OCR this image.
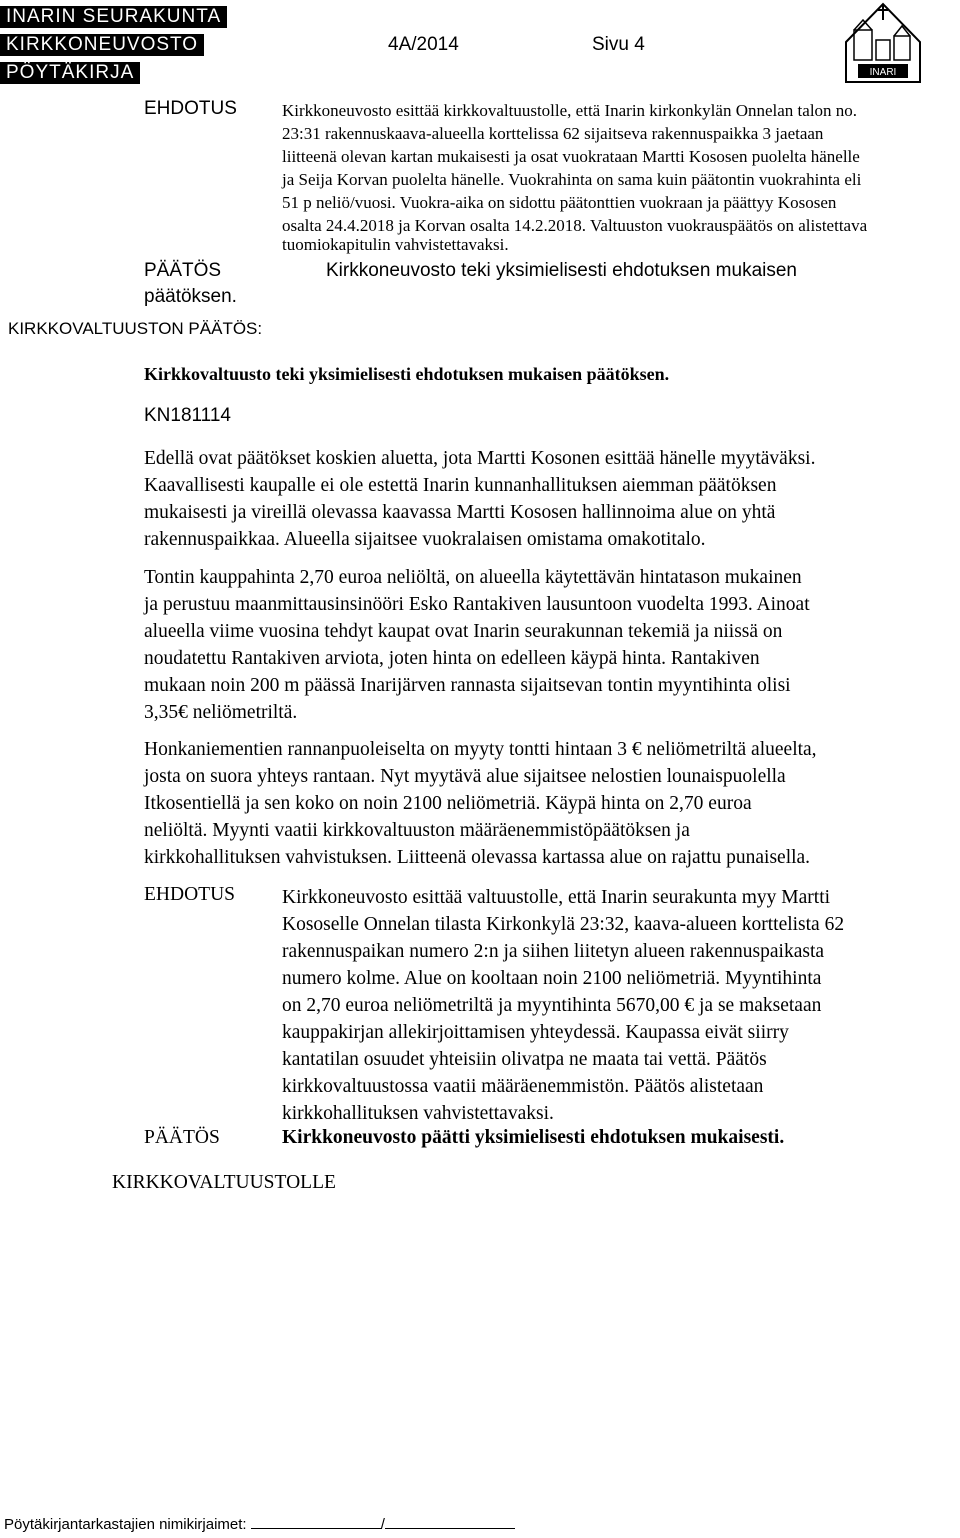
INARIN SEURAKUNTA
KIRKKONEUVOSTO	4A/2014	Sivu 4
PÖYTÄKIRJA	INARI
EHDOTUS	Kirkkoneuvosto esittää kirkkovaltuustolle, että Inarin kirkonkylän Onnelan talon no.
23:31 rakennuskaava-alueella korttelissa 62 sijaitseva rakennuspaikka 3 jaetaan
liitteenä olevan kartan mukaisesti ja osat vuokrataan Martti Kososen puolelta hänelle
ja Seija Korvan puolelta hänelle. Vuokrahinta on sama kuin päätontin vuokrahinta eli
51 p neliö/vuosi. Vuokra-aika on sidottu päätonttien vuokraan ja päättyy Kososen
osalta 24.4.2018 ja Korvan osalta 14.2.2018. Valtuuston vuokrauspäätös on alistettava
tuomiokapitulin vahvistettavaksi.
PÄÄTÖS	Kirkkoneuvosto teki yksimielisesti ehdotuksen mukaisen
päätöksen.
KIRKKOVALTUUSTON PÄÄTÖS:
Kirkkovaltuusto teki yksimielisesti ehdotuksen mukaisen päätöksen.
KN181114
Edellä ovat päätökset koskien aluetta, jota Martti Kosonen esittää hänelle myytäväksi.
Kaavallisesti kaupalle ei ole estettä Inarin kunnanhallituksen aiemman päätöksen
mukaisesti ja vireillä olevassa kaavassa Martti Kososen hallinnoima alue on yhtä
rakennuspaikkaa. Alueella sijaitsee vuokralaisen omistama omakotitalo.
Tontin kauppahinta 2,70 euroa neliöltä, on alueella käytettävän hintatason mukainen
ja perustuu maanmittausinsinööri Esko Rantakiven lausuntoon vuodelta 1993. Ainoat
alueella viime vuosina tehdyt kaupat ovat Inarin seurakunnan tekemiä ja niissä on
noudatettu Rantakiven arviota, joten hinta on edelleen käypä hinta. Rantakiven
mukaan noin 200 m päässä Inarijärven rannasta sijaitsevan tontin myyntihinta olisi
3,35€ neliömetriltä.
Honkaniementien rannanpuoleiselta on myyty tontti hintaan 3 € neliömetriltä alueelta,
josta on suora yhteys rantaan. Nyt myytävä alue sijaitsee nelostien lounaispuolella
Itkosentiellä ja sen koko on noin 2100 neliömetriä. Käypä hinta on 2,70 euroa
neliöltä. Myynti vaatii kirkkovaltuuston määräenemmistöpäätöksen ja
kirkkohallituksen vahvistuksen. Liitteenä olevassa kartassa alue on rajattu punaisella.
EHDOTUS Kirkkoneuvosto esittää valtuustolle, että Inarin seurakunta myy Martti
Kososelle Onnelan tilasta Kirkonkylä 23:32, kaava-alueen korttelista 62
rakennuspaikan numero 2:n ja siihen liitetyn alueen rakennuspaikasta
numero kolme. Alue on kooltaan noin 2100 neliömetriä. Myyntihinta
on 2,70 euroa neliömetriltä ja myyntihinta 5670,00 € ja se maksetaan
kauppakirjan allekirjoittamisen yhteydessä. Kaupassa eivät siirry
kantatilan osuudet yhteisiin olivatpa ne maata tai vettä. Päätös
kirkkovaltuustossa vaatii määräenemmistön. Päätös alistetaan
kirkkohallituksen vahvistettavaksi.
PÄÄTÖS	Kirkkoneuvosto päätti yksimielisesti ehdotuksen mukaisesti.
KIRKKOVALTUUSTOLLE
Pöytäkirjantarkastajien nimikirjaimet:	/
